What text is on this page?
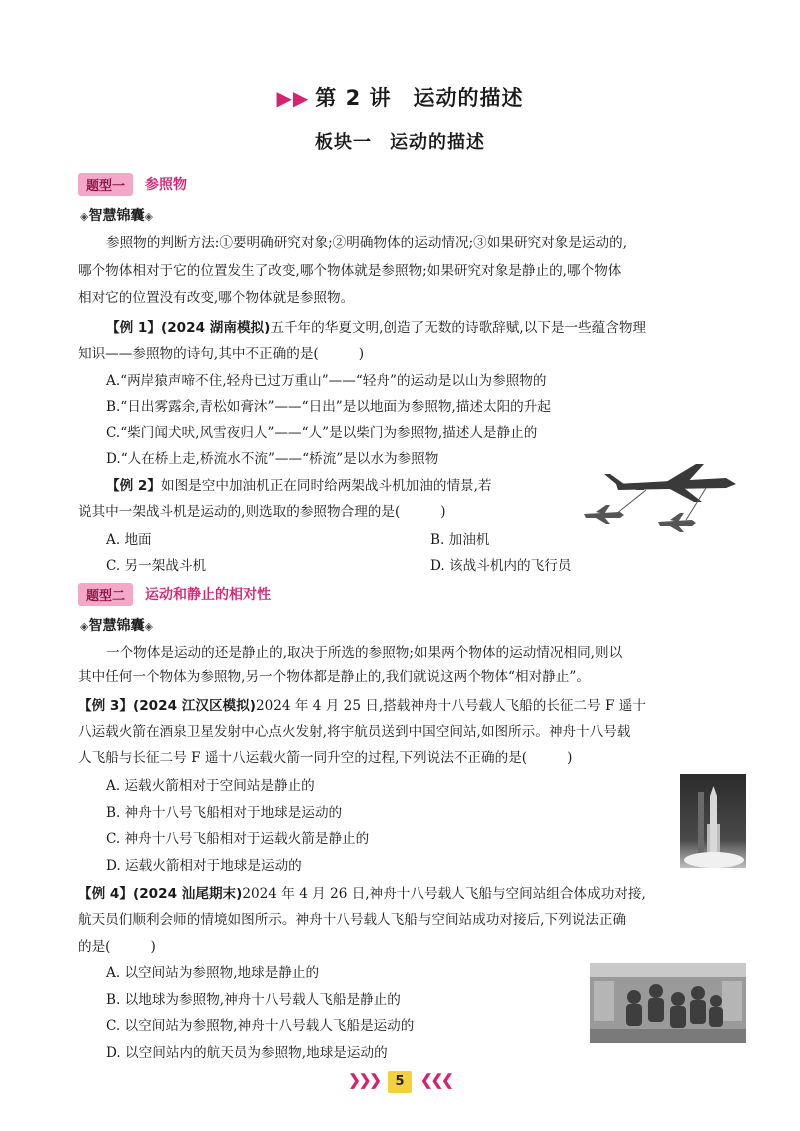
▶▶ 第 2 讲 运动的描述
板块一 运动的描述
题型一	参照物
◈智慧锦囊◈
参照物的判断方法:①要明确研究对象;②明确物体的运动情况;③如果研究对象是运动的,
哪个物体相对于它的位置发生了改变,哪个物体就是参照物;如果研究对象是静止的,哪个物体
相对它的位置没有改变,哪个物体就是参照物。
【例 1】(2024 湖南模拟)五千年的华夏文明,创造了无数的诗歌辞赋,以下是一些蕴含物理
知识——参照物的诗句,其中不正确的是(	)
A.“两岸猿声啼不住,轻舟已过万重山”——“轻舟”的运动是以山为参照物的
B.“日出雾露余,青松如膏沐”——“日出”是以地面为参照物,描述太阳的升起
C.“柴门闻犬吠,风雪夜归人”——“人”是以柴门为参照物,描述人是静止的
D.“人在桥上走,桥流水不流”——“桥流”是以水为参照物
【例 2】如图是空中加油机正在同时给两架战斗机加油的情景,若
说其中一架战斗机是运动的,则选取的参照物合理的是(	)
A. 地面	B. 加油机
C. 另一架战斗机	D. 该战斗机内的飞行员
题型二	运动和静止的相对性
◈智慧锦囊◈
一个物体是运动的还是静止的,取决于所选的参照物;如果两个物体的运动情况相同,则以
其中任何一个物体为参照物,另一个物体都是静止的,我们就说这两个物体“相对静止”。
【例 3】(2024 江汉区模拟)2024 年 4 月 25 日,搭载神舟十八号载人飞船的长征二号 F 遥十
八运载火箭在酒泉卫星发射中心点火发射,将宇航员送到中国空间站,如图所示。神舟十八号载
人飞船与长征二号 F 遥十八运载火箭一同升空的过程,下列说法不正确的是(	)
A. 运载火箭相对于空间站是静止的
B. 神舟十八号飞船相对于地球是运动的
C. 神舟十八号飞船相对于运载火箭是静止的
D. 运载火箭相对于地球是运动的
【例 4】(2024 汕尾期末)2024 年 4 月 26 日,神舟十八号载人飞船与空间站组合体成功对接,
航天员们顺利会师的情境如图所示。神舟十八号载人飞船与空间站成功对接后,下列说法正确
的是(	)
A. 以空间站为参照物,地球是静止的
B. 以地球为参照物,神舟十八号载人飞船是静止的
C. 以空间站为参照物,神舟十八号载人飞船是运动的
D. 以空间站内的航天员为参照物,地球是运动的
❯❯❯ 5 ❮❮❮
